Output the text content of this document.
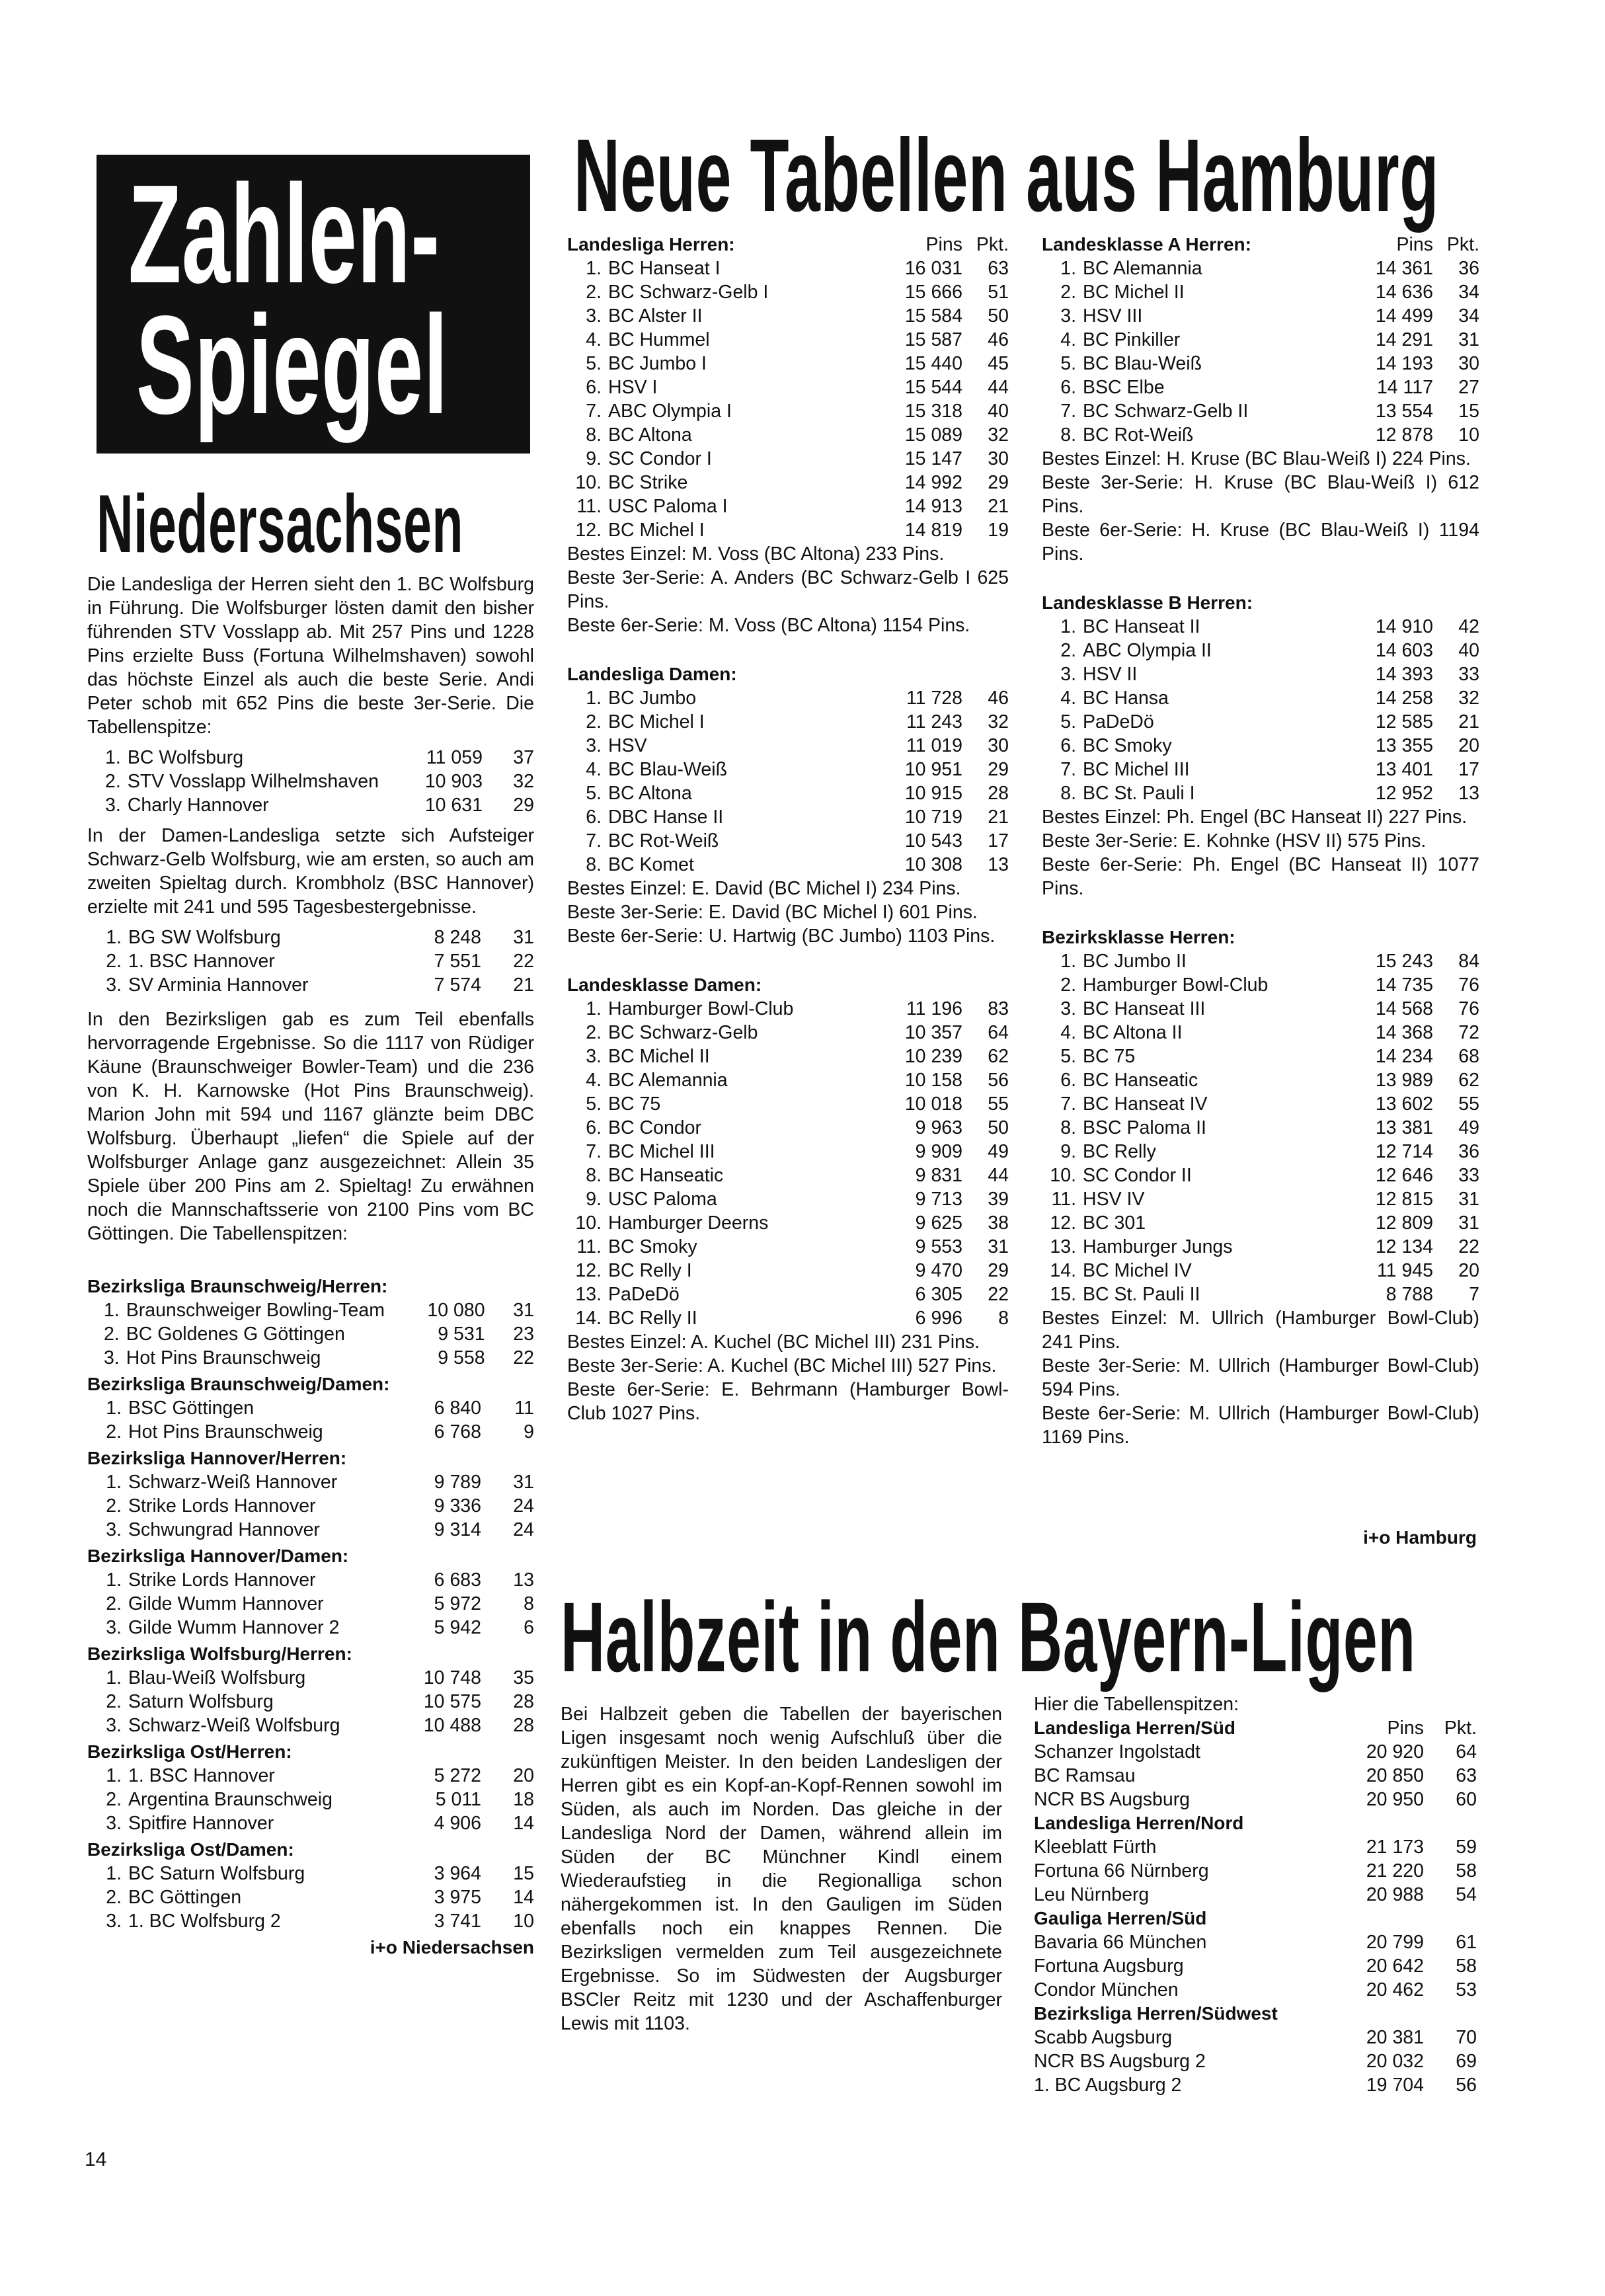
Zahlen-
Spiegel
Niedersachsen

Die Landesliga der Herren sieht den 1. BC Wolfsburg in Führung. Die Wolfsburger lösten damit den bisher führenden STV Vosslapp ab. Mit 257 Pins und 1228 Pins erzielte Buss (Fortuna Wilhelmshaven) sowohl das höchste Einzel als auch die beste Serie. Andi Peter schob mit 652 Pins die beste 3er-Serie. Die Tabellenspitze:

1.	BC Wolfsburg	11 059	37
2.	STV Vosslapp Wilhelmshaven	10 903	32
3.	Charly Hannover	10 631	29

In der Damen-Landesliga setzte sich Aufsteiger Schwarz-Gelb Wolfsburg, wie am ersten, so auch am zweiten Spieltag durch. Krombholz (BSC Hannover) erzielte mit 241 und 595 Tagesbestergebnisse.

1.	BG SW Wolfsburg	8 248	31
2.	1. BSC Hannover	7 551	22
3.	SV Arminia Hannover	7 574	21

In den Bezirksligen gab es zum Teil ebenfalls hervorragende Ergebnisse. So die 1117 von Rüdiger Käune (Braunschweiger Bowler-Team) und die 236 von K. H. Karnowske (Hot Pins Braunschweig). Marion John mit 594 und 1167 glänzte beim DBC Wolfsburg. Überhaupt „liefen“ die Spiele auf der Wolfsburger Anlage ganz ausgezeichnet: Allein 35 Spiele über 200 Pins am 2. Spieltag! Zu erwähnen noch die Mannschaftsserie von 2100 Pins vom BC Göttingen. Die Tabellenspitzen:

Bezirksliga Braunschweig/Herren:
1.	Braunschweiger Bowling-Team	10 080	31
2.	BC Goldenes G Göttingen	9 531	23
3.	Hot Pins Braunschweig	9 558	22
Bezirksliga Braunschweig/Damen:
1.	BSC Göttingen	6 840	11
2.	Hot Pins Braunschweig	6 768	9
Bezirksliga Hannover/Herren:
1.	Schwarz-Weiß Hannover	9 789	31
2.	Strike Lords Hannover	9 336	24
3.	Schwungrad Hannover	9 314	24
Bezirksliga Hannover/Damen:
1.	Strike Lords Hannover	6 683	13
2.	Gilde Wumm Hannover	5 972	8
3.	Gilde Wumm Hannover 2	5 942	6
Bezirksliga Wolfsburg/Herren:
1.	Blau-Weiß Wolfsburg	10 748	35
2.	Saturn Wolfsburg	10 575	28
3.	Schwarz-Weiß Wolfsburg	10 488	28
Bezirksliga Ost/Herren:
1.	1. BSC Hannover	5 272	20
2.	Argentina Braunschweig	5 011	18
3.	Spitfire Hannover	4 906	14
Bezirksliga Ost/Damen:
1.	BC Saturn Wolfsburg	3 964	15
2.	BC Göttingen	3 975	14
3.	1. BC Wolfsburg 2	3 741	10
i+o Niedersachsen
Neue Tabellen aus Hamburg
Landesliga Herren:		Pins	Pkt.
1.	BC Hanseat I	16 031	63
2.	BC Schwarz-Gelb I	15 666	51
3.	BC Alster II	15 584	50
4.	BC Hummel	15 587	46
5.	BC Jumbo I	15 440	45
6.	HSV I	15 544	44
7.	ABC Olympia I	15 318	40
8.	BC Altona	15 089	32
9.	SC Condor I	15 147	30
10.	BC Strike	14 992	29
11.	USC Paloma I	14 913	21
12.	BC Michel I	14 819	19

Bestes Einzel: M. Voss (BC Altona) 233 Pins.

Beste 3er-Serie: A. Anders (BC Schwarz-Gelb I 625 Pins.

Beste 6er-Serie: M. Voss (BC Altona) 1154 Pins.

Landesliga Damen:			
1.	BC Jumbo	11 728	46
2.	BC Michel I	11 243	32
3.	HSV	11 019	30
4.	BC Blau-Weiß	10 951	29
5.	BC Altona	10 915	28
6.	DBC Hanse II	10 719	21
7.	BC Rot-Weiß	10 543	17
8.	BC Komet	10 308	13

Bestes Einzel: E. David (BC Michel I) 234 Pins.

Beste 3er-Serie: E. David (BC Michel I) 601 Pins.

Beste 6er-Serie: U. Hartwig (BC Jumbo) 1103 Pins.

Landesklasse Damen:			
1.	Hamburger Bowl-Club	11 196	83
2.	BC Schwarz-Gelb	10 357	64
3.	BC Michel II	10 239	62
4.	BC Alemannia	10 158	56
5.	BC 75	10 018	55
6.	BC Condor	9 963	50
7.	BC Michel III	9 909	49
8.	BC Hanseatic	9 831	44
9.	USC Paloma	9 713	39
10.	Hamburger Deerns	9 625	38
11.	BC Smoky	9 553	31
12.	BC Relly I	9 470	29
13.	PaDeDö	6 305	22
14.	BC Relly II	6 996	8

Bestes Einzel: A. Kuchel (BC Michel III) 231 Pins.

Beste 3er-Serie: A. Kuchel (BC Michel III) 527 Pins.

Beste 6er-Serie: E. Behrmann (Hamburger Bowl-Club 1027 Pins.

Landesklasse A Herren:		Pins	Pkt.
1.	BC Alemannia	14 361	36
2.	BC Michel II	14 636	34
3.	HSV III	14 499	34
4.	BC Pinkiller	14 291	31
5.	BC Blau-Weiß	14 193	30
6.	BSC Elbe	14 117	27
7.	BC Schwarz-Gelb II	13 554	15
8.	BC Rot-Weiß	12 878	10

Bestes Einzel: H. Kruse (BC Blau-Weiß I) 224 Pins.

Beste 3er-Serie: H. Kruse (BC Blau-Weiß I) 612 Pins.

Beste 6er-Serie: H. Kruse (BC Blau-Weiß I) 1194 Pins.

Landesklasse B Herren:			
1.	BC Hanseat II	14 910	42
2.	ABC Olympia II	14 603	40
3.	HSV II	14 393	33
4.	BC Hansa	14 258	32
5.	PaDeDö	12 585	21
6.	BC Smoky	13 355	20
7.	BC Michel III	13 401	17
8.	BC St. Pauli I	12 952	13

Bestes Einzel: Ph. Engel (BC Hanseat II) 227 Pins.

Beste 3er-Serie: E. Kohnke (HSV II) 575 Pins.

Beste 6er-Serie: Ph. Engel (BC Hanseat II) 1077 Pins.

Bezirksklasse Herren:			
1.	BC Jumbo II	15 243	84
2.	Hamburger Bowl-Club	14 735	76
3.	BC Hanseat III	14 568	76
4.	BC Altona II	14 368	72
5.	BC 75	14 234	68
6.	BC Hanseatic	13 989	62
7.	BC Hanseat IV	13 602	55
8.	BSC Paloma II	13 381	49
9.	BC Relly	12 714	36
10.	SC Condor II	12 646	33
11.	HSV IV	12 815	31
12.	BC 301	12 809	31
13.	Hamburger Jungs	12 134	22
14.	BC Michel IV	11 945	20
15.	BC St. Pauli II	8 788	7

Bestes Einzel: M. Ullrich (Hamburger Bowl-Club) 241 Pins.

Beste 3er-Serie: M. Ullrich (Hamburger Bowl-Club) 594 Pins.

Beste 6er-Serie: M. Ullrich (Hamburger Bowl-Club) 1169 Pins.

i+o Hamburg
Halbzeit in den Bayern-Ligen

Bei Halbzeit geben die Tabellen der bayerischen Ligen insgesamt noch wenig Aufschluß über die zukünftigen Meister. In den beiden Landesligen der Herren gibt es ein Kopf-an-Kopf-Rennen sowohl im Süden, als auch im Norden. Das gleiche in der Landesliga Nord der Damen, während allein im Süden der BC Münchner Kindl einem Wiederaufstieg in die Regionalliga schon nähergekommen ist. In den Gauligen im Süden ebenfalls noch ein knappes Rennen. Die Bezirksligen vermelden zum Teil ausgezeichnete Ergebnisse. So im Südwesten der Augsburger BSCler Reitz mit 1230 und der Aschaffenburger Lewis mit 1103.

Hier die Tabellenspitzen:
Landesliga Herren/Süd	Pins	Pkt.
Schanzer Ingolstadt	20 920	64
BC Ramsau	20 850	63
NCR BS Augsburg	20 950	60
Landesliga Herren/Nord		
Kleeblatt Fürth	21 173	59
Fortuna 66 Nürnberg	21 220	58
Leu Nürnberg	20 988	54
Gauliga Herren/Süd		
Bavaria 66 München	20 799	61
Fortuna Augsburg	20 642	58
Condor München	20 462	53
Bezirksliga Herren/Südwest		
Scabb Augsburg	20 381	70
NCR BS Augsburg 2	20 032	69
1. BC Augsburg 2	19 704	56
14
